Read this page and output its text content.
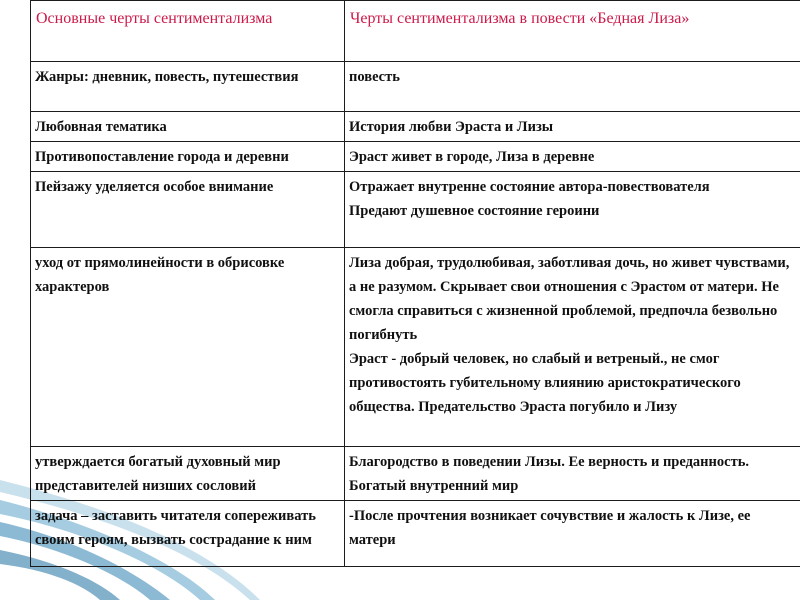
Основные черты сентиментализма	Черты сентиментализма в повести «Бедная Лиза»
Жанры: дневник, повесть, путешествия	повесть

Любовная тематика	История любви Эраста и Лизы

Противопоставление города и деревни	Эраст живет в городе, Лиза в деревне

Пейзажу уделяется особое внимание	Отражает внутренне состояние автора-повествователя
Предают душевное состояние героини

уход от прямолинейности в обрисовке характеров	Лиза добрая, трудолюбивая, заботливая дочь, но живет чувствами, а не разумом. Скрывает свои отношения с Эрастом от матери. Не смогла справиться с жизненной проблемой, предпочла безвольно погибнуть
Эраст - добрый человек, но слабый и ветреный., не смог противостоять губительному влиянию аристократического общества. Предательство Эраста погубило и Лизу

утверждается богатый духовный мир представителей низших сословий	Благородство в поведении Лизы. Ее верность и преданность. Богатый внутренний мир

задача – заставить читателя сопереживать своим героям, вызвать сострадание к ним	-После прочтения возникает сочувствие и жалость к Лизе, ее матери
